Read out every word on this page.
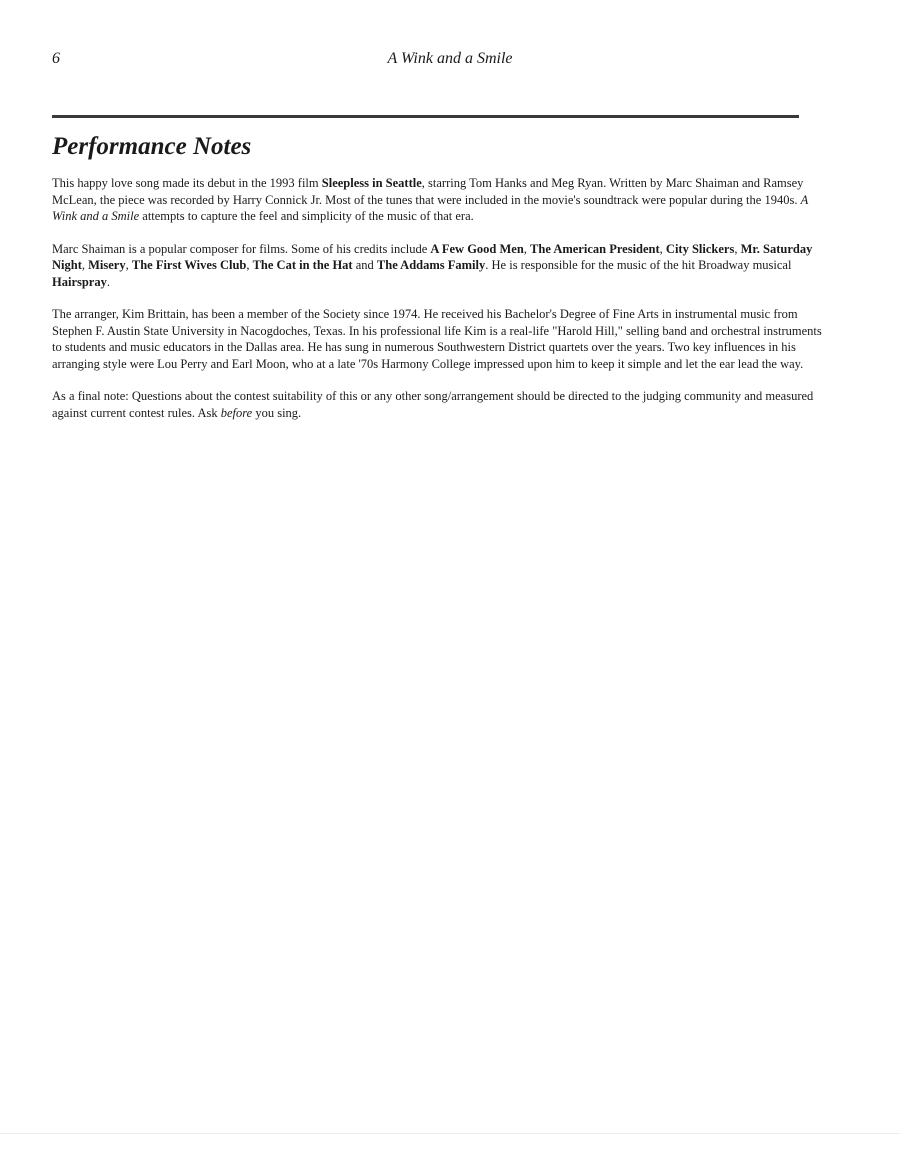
6	A Wink and a Smile
Performance Notes

This happy love song made its debut in the 1993 film Sleepless in Seattle, starring Tom Hanks and Meg Ryan. Written by Marc Shaiman and Ramsey McLean, the piece was recorded by Harry Connick Jr. Most of the tunes that were included in the movie's soundtrack were popular during the 1940s. A Wink and a Smile attempts to capture the feel and simplicity of the music of that era.

Marc Shaiman is a popular composer for films. Some of his credits include A Few Good Men, The American President, City Slickers, Mr. Saturday Night, Misery, The First Wives Club, The Cat in the Hat and The Addams Family. He is responsible for the music of the hit Broadway musical Hairspray.

The arranger, Kim Brittain, has been a member of the Society since 1974. He received his Bachelor's Degree of Fine Arts in instrumental music from Stephen F. Austin State University in Nacogdoches, Texas. In his professional life Kim is a real-life "Harold Hill," selling band and orchestral instruments to students and music educators in the Dallas area. He has sung in numerous Southwestern District quartets over the years. Two key influences in his arranging style were Lou Perry and Earl Moon, who at a late '70s Harmony College impressed upon him to keep it simple and let the ear lead the way.

As a final note: Questions about the contest suitability of this or any other song/arrangement should be directed to the judging community and measured against current contest rules. Ask before you sing.
